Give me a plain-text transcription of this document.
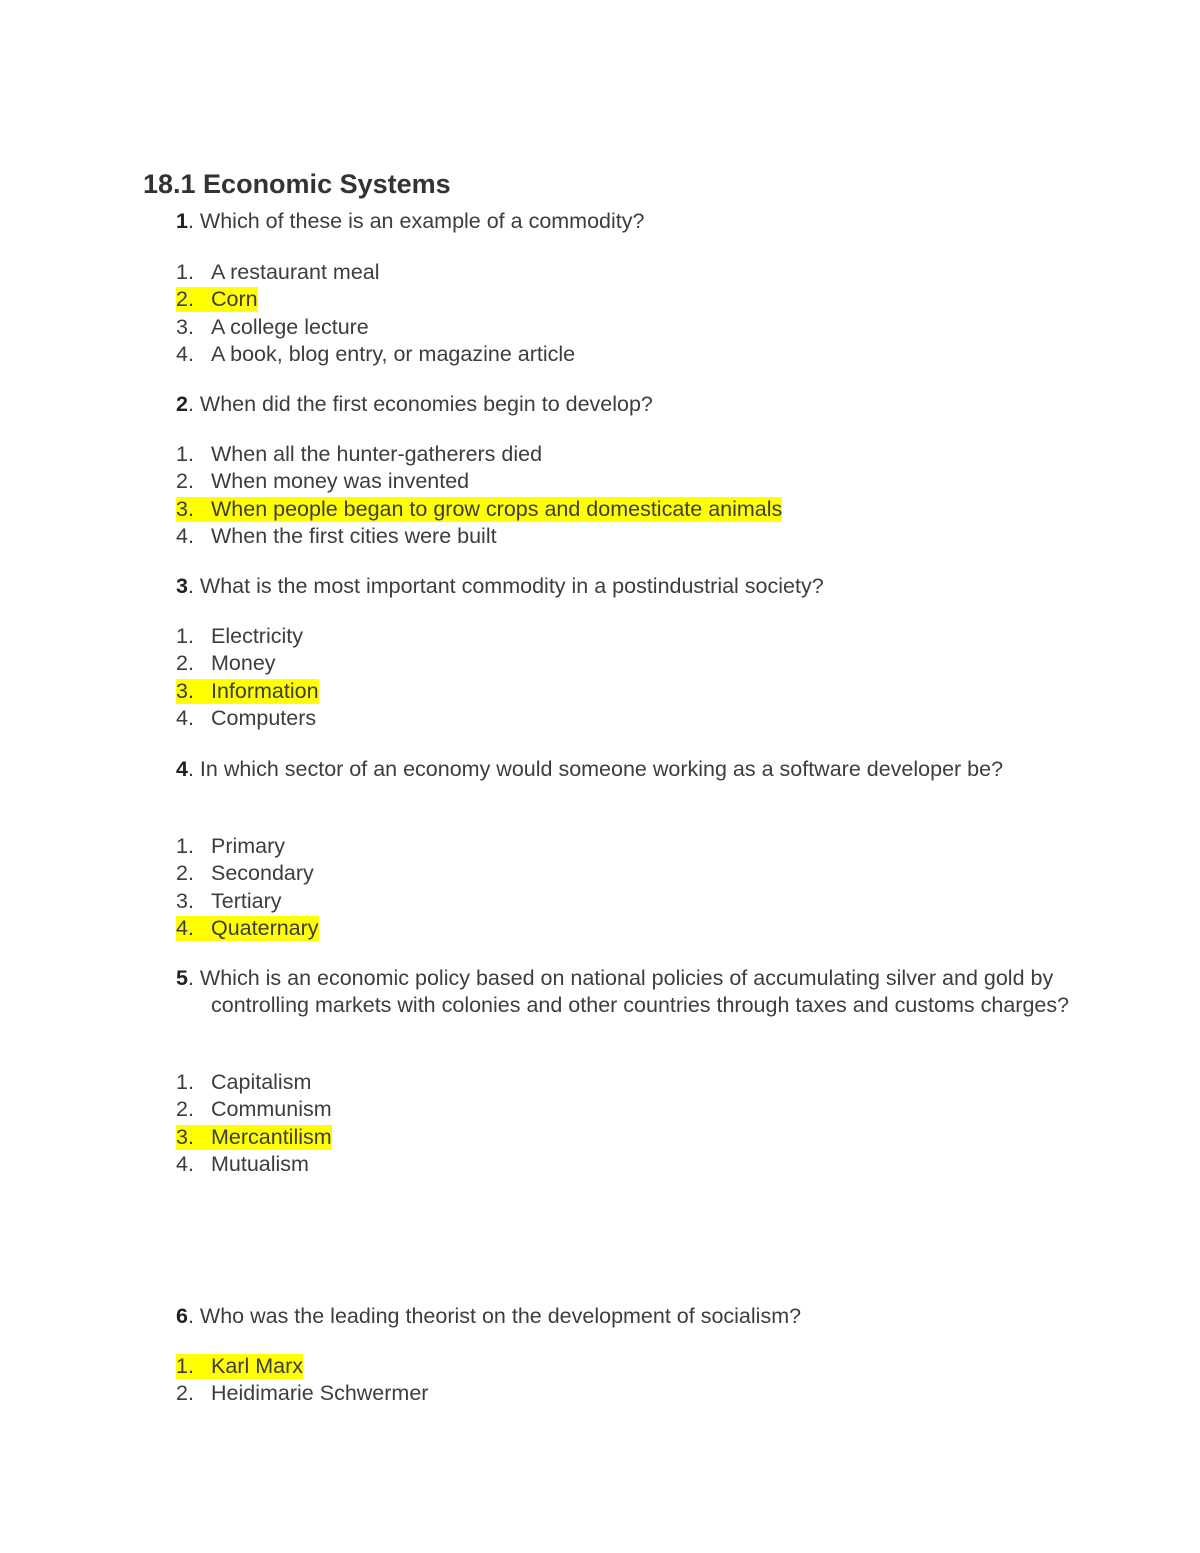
18.1 Economic Systems

1. Which of these is an example of a commodity?

1. A restaurant meal
2. Corn
3. A college lecture
4. A book, blog entry, or magazine article

2. When did the first economies begin to develop?

1. When all the hunter-gatherers died
2. When money was invented
3. When people began to grow crops and domesticate animals
4. When the first cities were built

3. What is the most important commodity in a postindustrial society?

1. Electricity
2. Money
3. Information
4. Computers

4. In which sector of an economy would someone working as a software developer be?

1. Primary
2. Secondary
3. Tertiary
4. Quaternary

5. Which is an economic policy based on national policies of accumulating silver and gold by controlling markets with colonies and other countries through taxes and customs charges?

1. Capitalism
2. Communism
3. Mercantilism
4. Mutualism

6. Who was the leading theorist on the development of socialism?

1. Karl Marx
2. Heidimarie Schwermer
